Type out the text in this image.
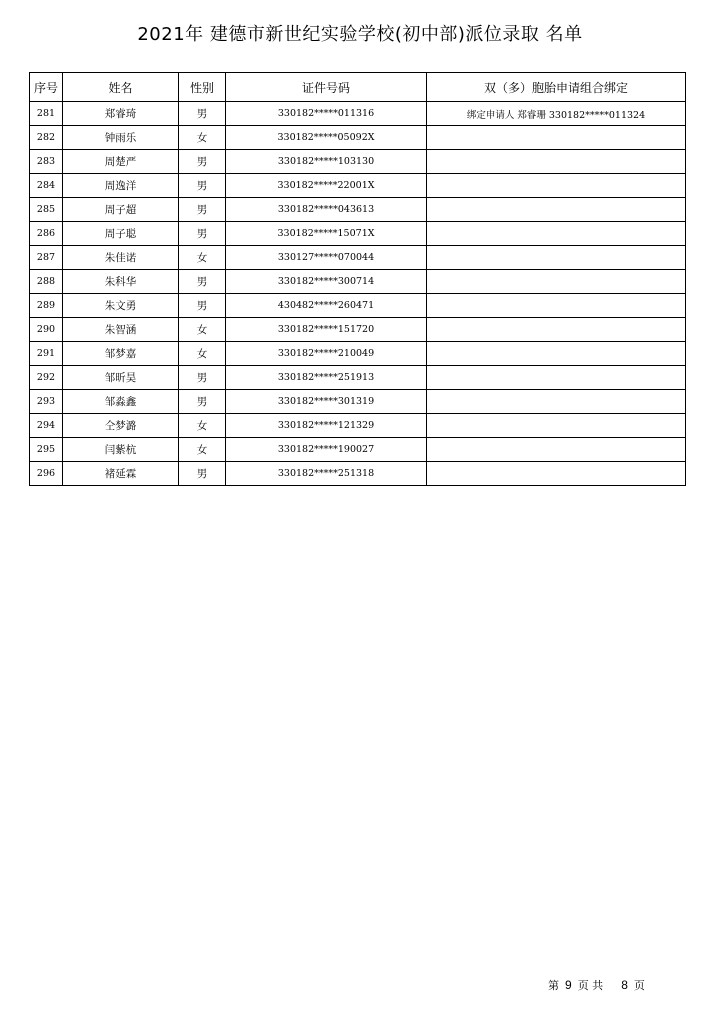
2021年 建德市新世纪实验学校(初中部)派位录取 名单
序号	姓名	性别	证件号码	双（多）胞胎申请组合绑定
281	郑睿琦	男	330182*****011316	绑定申请人 郑睿珊 330182*****011324
282	钟雨乐	女	330182*****05092X	
283	周楚严	男	330182*****103130	
284	周逸洋	男	330182*****22001X	
285	周子超	男	330182*****043613	
286	周子聪	男	330182*****15071X	
287	朱佳诺	女	330127*****070044	
288	朱科华	男	330182*****300714	
289	朱文勇	男	430482*****260471	
290	朱智涵	女	330182*****151720	
291	邹梦嘉	女	330182*****210049	
292	邹昕昊	男	330182*****251913	
293	邹淼鑫	男	330182*****301319	
294	仝梦潞	女	330182*****121329	
295	闫紫杭	女	330182*****190027	
296	褚延霖	男	330182*****251318	
第 9 页 共 8 页
